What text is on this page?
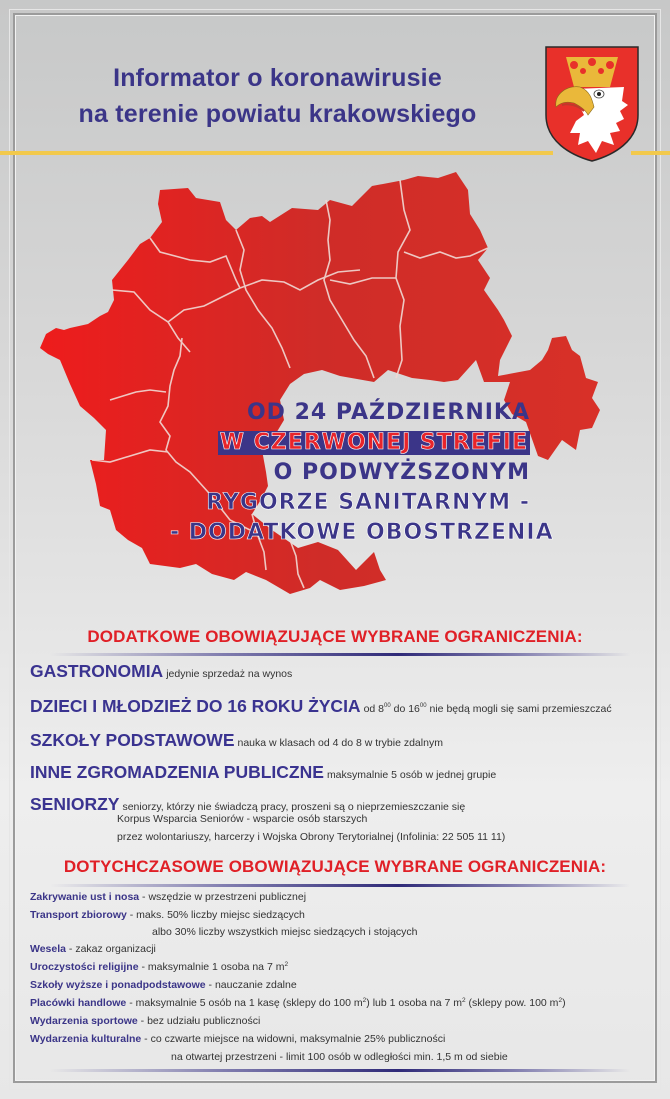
Informator o koronawirusie
na terenie powiatu krakowskiego
OD 24 PAŹDZIERNIKA
W CZERWONEJ STREFIE
O PODWYŻSZONYM
RYGORZE SANITARNYM -
- DODATKOWE OBOSTRZENIA
DODATKOWE OBOWIĄZUJĄCE WYBRANE OGRANICZENIA:
GASTRONOMIA jedynie sprzedaż na wynos
DZIECI I MŁODZIEŻ DO 16 ROKU ŻYCIA od $8^{00}$ do $16^{00}$ nie będą mogli się sami przemieszczać
SZKOŁY PODSTAWOWE nauka w klasach od 4 do 8 w trybie zdalnym
INNE ZGROMADZENIA PUBLICZNE maksymalnie 5 osób w jednej grupie
SENIORZY seniorzy, którzy nie świadczą pracy, proszeni są o nieprzemieszczanie się
Korpus Wsparcia Seniorów - wsparcie osób starszych
przez wolontariuszy, harcerzy i Wojska Obrony Terytorialnej (Infolinia: 22 505 11 11)
DOTYCHCZASOWE OBOWIĄZUJĄCE WYBRANE OGRANICZENIA:
Zakrywanie ust i nosa - wszędzie w przestrzeni publicznej
Transport zbiorowy - maks. 50% liczby miejsc siedzących
albo 30% liczby wszystkich miejsc siedzących i stojących
Wesela - zakaz organizacji
Uroczystości religijne - maksymalnie 1 osoba na 7 $m^2$
Szkoły wyższe i ponadpodstawowe - nauczanie zdalne
Placówki handlowe - maksymalnie 5 osób na 1 kasę (sklepy do 100 $m^2$) lub 1 osoba na 7 $m^2$ (sklepy pow. 100 $m^2$)
Wydarzenia sportowe - bez udziału publiczności
Wydarzenia kulturalne - co czwarte miejsce na widowni, maksymalnie 25% publiczności
na otwartej przestrzeni - limit 100 osób w odległości min. 1,5 m od siebie
